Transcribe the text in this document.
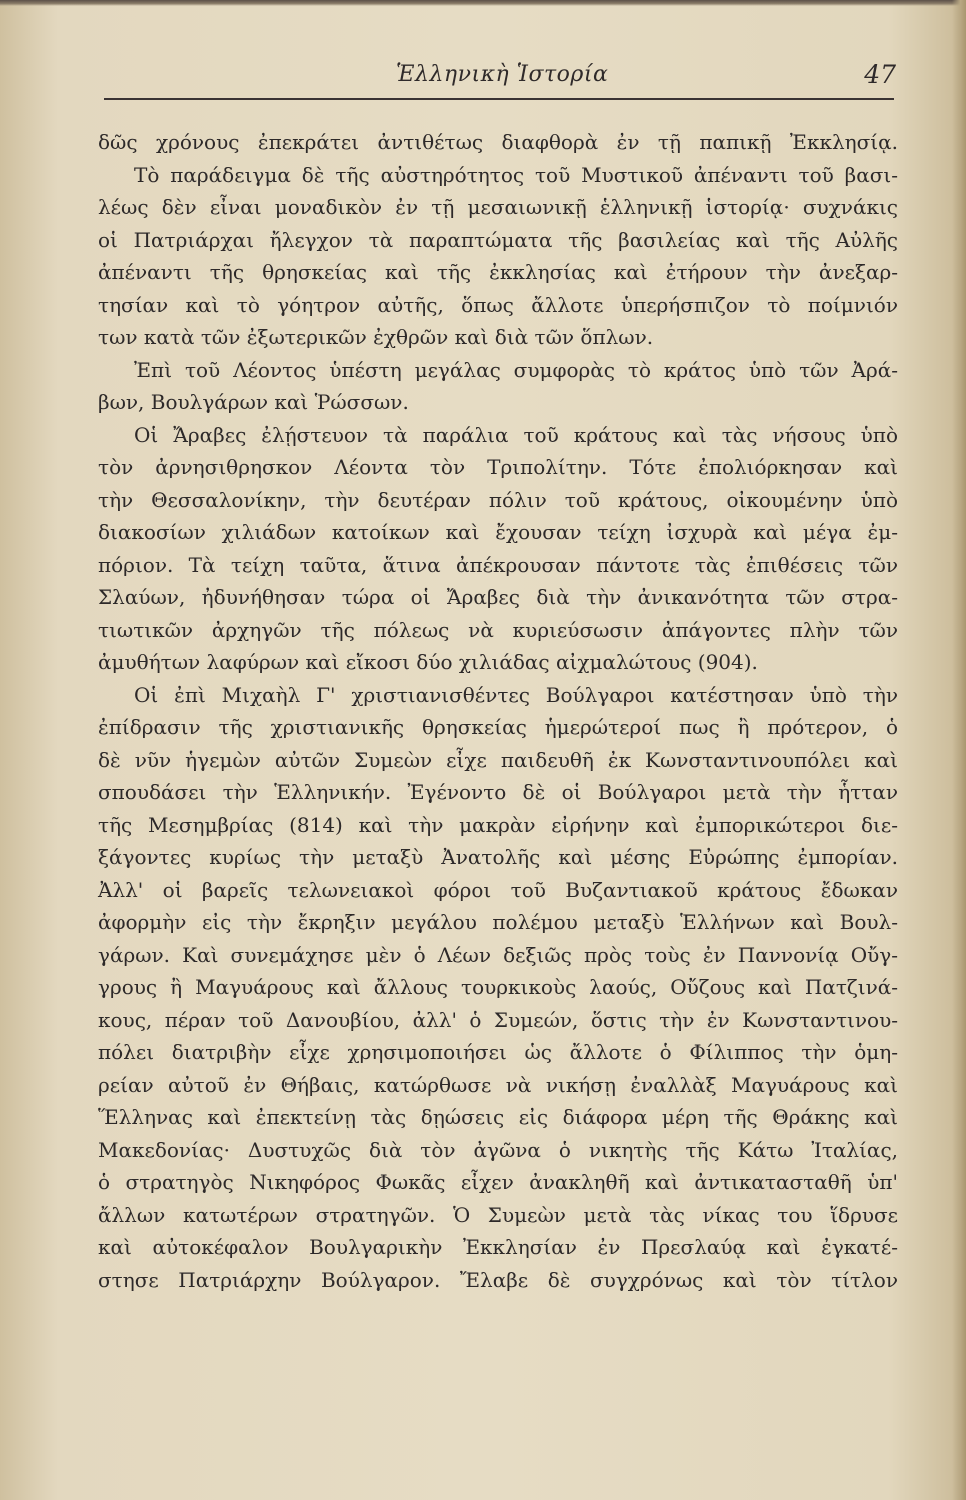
Ἑλληνικὴ Ἱστορία	47
δῶς χρόνους ἐπεκράτει ἀντιθέτως διαφθορὰ ἐν τῇ παπικῇ Ἐκκλησίᾳ.
Τὸ παράδειγμα δὲ τῆς αὐστηρότητος τοῦ Μυστικοῦ ἀπέναντι τοῦ βασι-
λέως δὲν εἶναι μοναδικὸν ἐν τῇ μεσαιωνικῇ ἑλληνικῇ ἱστορίᾳ· συχνάκις
οἱ Πατριάρχαι ἤλεγχον τὰ παραπτώματα τῆς βασιλείας καὶ τῆς Αὐλῆς
ἀπέναντι τῆς θρησκείας καὶ τῆς ἐκκλησίας καὶ ἐτήρουν τὴν ἀνεξαρ-
τησίαν καὶ τὸ γόητρον αὐτῆς, ὅπως ἄλλοτε ὑπερήσπιζον τὸ ποίμνιόν
των κατὰ τῶν ἐξωτερικῶν ἐχθρῶν καὶ διὰ τῶν ὅπλων.
Ἐπὶ τοῦ Λέοντος ὑπέστη μεγάλας συμφορὰς τὸ κράτος ὑπὸ τῶν Ἀρά-
βων, Βουλγάρων καὶ Ῥώσσων.
Οἱ Ἄραβες ἐλῄστευον τὰ παράλια τοῦ κράτους καὶ τὰς νήσους ὑπὸ
τὸν ἀρνησιθρησκον Λέοντα τὸν Τριπολίτην. Τότε ἐπολιόρκησαν καὶ
τὴν Θεσσαλονίκην, τὴν δευτέραν πόλιν τοῦ κράτους, οἰκουμένην ὑπὸ
διακοσίων χιλιάδων κατοίκων καὶ ἔχουσαν τείχη ἰσχυρὰ καὶ μέγα ἐμ-
πόριον. Τὰ τείχη ταῦτα, ἅτινα ἀπέκρουσαν πάντοτε τὰς ἐπιθέσεις τῶν
Σλαύων, ἠδυνήθησαν τώρα οἱ Ἄραβες διὰ τὴν ἀνικανότητα τῶν στρα-
τιωτικῶν ἀρχηγῶν τῆς πόλεως νὰ κυριεύσωσιν ἀπάγοντες πλὴν τῶν
ἀμυθήτων λαφύρων καὶ εἴκοσι δύο χιλιάδας αἰχμαλώτους (904).
Οἱ ἐπὶ Μιχαὴλ Γ' χριστιανισθέντες Βούλγαροι κατέστησαν ὑπὸ τὴν
ἐπίδρασιν τῆς χριστιανικῆς θρησκείας ἡμερώτεροί πως ἢ πρότερον, ὁ
δὲ νῦν ἡγεμὼν αὐτῶν Συμεὼν εἶχε παιδευθῆ ἐκ Κωνσταντινουπόλει καὶ
σπουδάσει τὴν Ἑλληνικήν. Ἐγένοντο δὲ οἱ Βούλγαροι μετὰ τὴν ἧτταν
τῆς Μεσημβρίας (814) καὶ τὴν μακρὰν εἰρήνην καὶ ἐμπορικώτεροι διε-
ξάγοντες κυρίως τὴν μεταξὺ Ἀνατολῆς καὶ μέσης Εὐρώπης ἐμπορίαν.
Ἀλλ' οἱ βαρεῖς τελωνειακοὶ φόροι τοῦ Βυζαντιακοῦ κράτους ἔδωκαν
ἀφορμὴν εἰς τὴν ἔκρηξιν μεγάλου πολέμου μεταξὺ Ἑλλήνων καὶ Βουλ-
γάρων. Καὶ συνεμάχησε μὲν ὁ Λέων δεξιῶς πρὸς τοὺς ἐν Παννονίᾳ Οὔγ-
γρους ἢ Μαγυάρους καὶ ἄλλους τουρκικοὺς λαούς, Οὔζους καὶ Πατζινά-
κους, πέραν τοῦ Δανουβίου, ἀλλ' ὁ Συμεών, ὅστις τὴν ἐν Κωνσταντινου-
πόλει διατριβὴν εἶχε χρησιμοποιήσει ὡς ἄλλοτε ὁ Φίλιππος τὴν ὁμη-
ρείαν αὐτοῦ ἐν Θήβαις, κατώρθωσε νὰ νικήσῃ ἐναλλὰξ Μαγυάρους καὶ
Ἕλληνας καὶ ἐπεκτείνῃ τὰς δῃώσεις εἰς διάφορα μέρη τῆς Θράκης καὶ
Μακεδονίας· Δυστυχῶς διὰ τὸν ἀγῶνα ὁ νικητὴς τῆς Κάτω Ἰταλίας,
ὁ στρατηγὸς Νικηφόρος Φωκᾶς εἶχεν ἀνακληθῆ καὶ ἀντικατασταθῆ ὑπ'
ἄλλων κατωτέρων στρατηγῶν. Ὁ Συμεὼν μετὰ τὰς νίκας του ἵδρυσε
καὶ αὐτοκέφαλον Βουλγαρικὴν Ἐκκλησίαν ἐν Πρεσλαύᾳ καὶ ἐγκατέ-
στησε Πατριάρχην Βούλγαρον. Ἔλαβε δὲ συγχρόνως καὶ τὸν τίτλον
